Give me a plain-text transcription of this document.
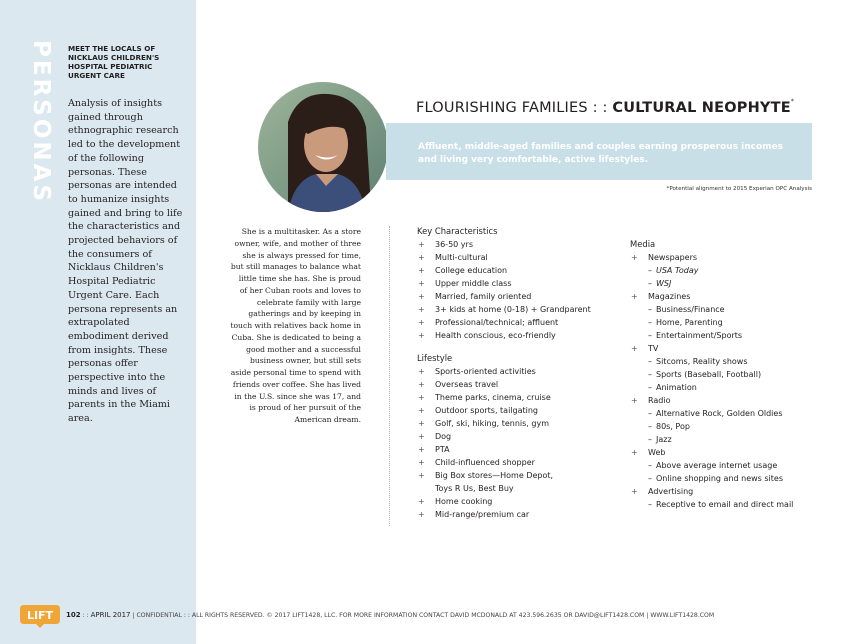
PERSONAS MEET THE LOCALS OF NICKLAUS CHILDREN'S HOSPITAL PEDIATRIC URGENT CARE
Analysis of insights gained through ethnographic research led to the development of the following personas. These personas are intended to humanize insights gained and bring to life the characteristics and projected behaviors of the consumers of Nicklaus Children's Hospital Pediatric Urgent Care. Each persona represents an extrapolated embodiment derived from insights. These personas offer perspective into the minds and lives of parents in the Miami area.
FLOURISHING FAMILIES : : CULTURAL NEOPHYTE*
Affluent, middle-aged families and couples earning prosperous incomes and living very comfortable, active lifestyles.
*Potential alignment to 2015 Experian OPC Analysis
She is a multitasker. As a store owner, wife, and mother of three she is always pressed for time, but still manages to balance what little time she has. She is proud of her Cuban roots and loves to celebrate family with large gatherings and by keeping in touch with relatives back home in Cuba. She is dedicated to being a good mother and a successful business owner, but still sets aside personal time to spend with friends over coffee. She has lived in the U.S. since she was 17, and is proud of her pursuit of the American dream.
Key Characteristics
+ 36-50 yrs
+ Multi-cultural
+ College education
+ Upper middle class
+ Married, family oriented
+ 3+ kids at home (0-18) + Grandparent
+ Professional/technical; affluent
+ Health conscious, eco-friendly
Lifestyle
+ Sports-oriented activities
+ Overseas travel
+ Theme parks, cinema, cruise
+ Outdoor sports, tailgating
+ Golf, ski, hiking, tennis, gym
+ Dog
+ PTA
+ Child-influenced shopper
+ Big Box stores—Home Depot,
Toys R Us, Best Buy
+ Home cooking
+ Mid-range/premium car
Media
+ Newspapers
– USA Today
– WSJ
+ Magazines
– Business/Finance
– Home, Parenting
– Entertainment/Sports
+ TV
– Sitcoms, Reality shows
– Sports (Baseball, Football)
– Animation
+ Radio
– Alternative Rock, Golden Oldies
– 80s, Pop
– Jazz
+ Web
– Above average internet usage
– Online shopping and news sites
+ Advertising
– Receptive to email and direct mail
LIFT 102 : : APRIL 2017 | CONFIDENTIAL : : ALL RIGHTS RESERVED. © 2017 LIFT1428, LLC. FOR MORE INFORMATION CONTACT DAVID MCDONALD AT 423.596.2635 OR DAVID@LIFT1428.COM | WWW.LIFT1428.COM
